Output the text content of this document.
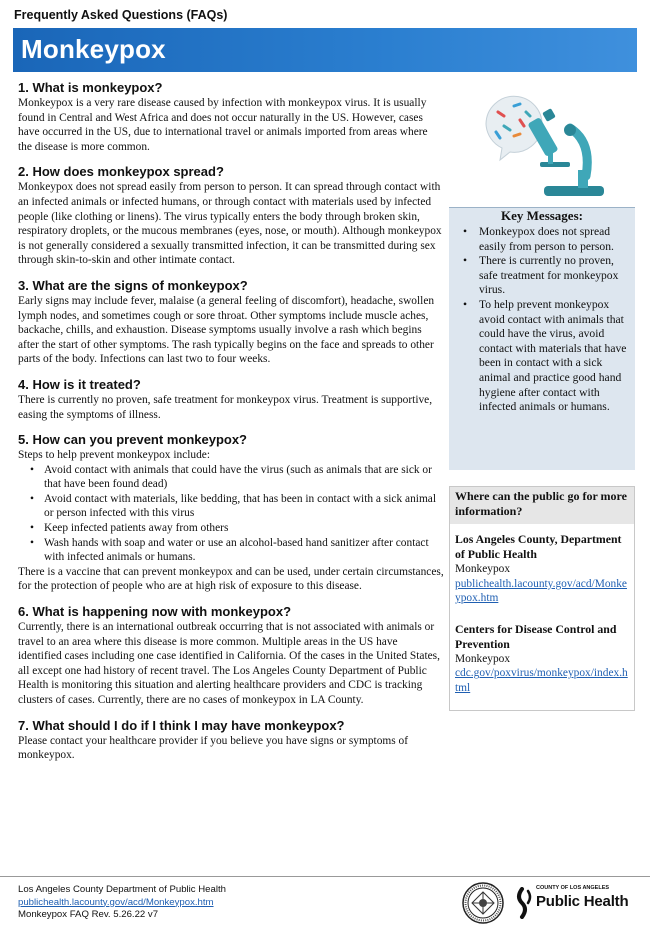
Frequently Asked Questions (FAQs)
Monkeypox
1. What is monkeypox?

Monkeypox is a very rare disease caused by infection with monkeypox virus. It is usually found in Central and West Africa and does not occur naturally in the US. However, cases have occurred in the US, due to international travel or animals imported from areas where the disease is more common.

2. How does monkeypox spread?

Monkeypox does not spread easily from person to person. It can spread through contact with an infected animals or infected humans, or through contact with materials used by infected people (like clothing or linens). The virus typically enters the body through broken skin, respiratory droplets, or the mucous membranes (eyes, nose, or mouth). Although monkeypox is not generally considered a sexually transmitted infection, it can be transmitted during sex through skin-to-skin and other intimate contact.

3. What are the signs of monkeypox?

Early signs may include fever, malaise (a general feeling of discomfort), headache, swollen lymph nodes, and sometimes cough or sore throat. Other symptoms include muscle aches, backache, chills, and exhaustion. Disease symptoms usually involve a rash which begins after the start of other symptoms. The rash typically begins on the face and spreads to other parts of the body. Infections can last two to four weeks.

4. How is it treated?

There is currently no proven, safe treatment for monkeypox virus. Treatment is supportive, easing the symptoms of illness.

5. How can you prevent monkeypox?

Steps to help prevent monkeypox include:

• Avoid contact with animals that could have the virus (such as animals that are sick or that have been found dead)
• Avoid contact with materials, like bedding, that has been in contact with a sick animal or person infected with this virus
• Keep infected patients away from others
• Wash hands with soap and water or use an alcohol-based hand sanitizer after contact with infected animals or humans.

There is a vaccine that can prevent monkeypox and can be used, under certain circumstances, for the protection of people who are at high risk of exposure to this disease.

6. What is happening now with monkeypox?

Currently, there is an international outbreak occurring that is not associated with animals or travel to an area where this disease is more common. Multiple areas in the US have identified cases including one case identified in California. Of the cases in the United States, all except one had history of recent travel. The Los Angeles County Department of Public Health is monitoring this situation and alerting healthcare providers and CDC is tracking clusters of cases. Currently, there are no cases of monkeypox in LA County.

7. What should I do if I think I may have monkeypox?

Please contact your healthcare provider if you believe you have signs or symptoms of monkeypox.

Key Messages:
• Monkeypox does not spread easily from person to person.
• There is currently no proven, safe treatment for monkeypox virus.
• To help prevent monkeypox avoid contact with animals that could have the virus, avoid contact with materials that have been in contact with a sick animal and practice good hand hygiene after contact with infected animals or humans.
Where can the public go for more information?
Los Angeles County, Department of Public Health
Monkeypox
publichealth.lacounty.gov/acd/Monkeypox.htm
Centers for Disease Control and Prevention
Monkeypox
cdc.gov/poxvirus/monkeypox/index.html
Los Angeles County Department of Public Health
publichealth.lacounty.gov/acd/Monkeypox.htm
Monkeypox FAQ Rev. 5.26.22 v7
COUNTY OF LOS ANGELES
Public Health
